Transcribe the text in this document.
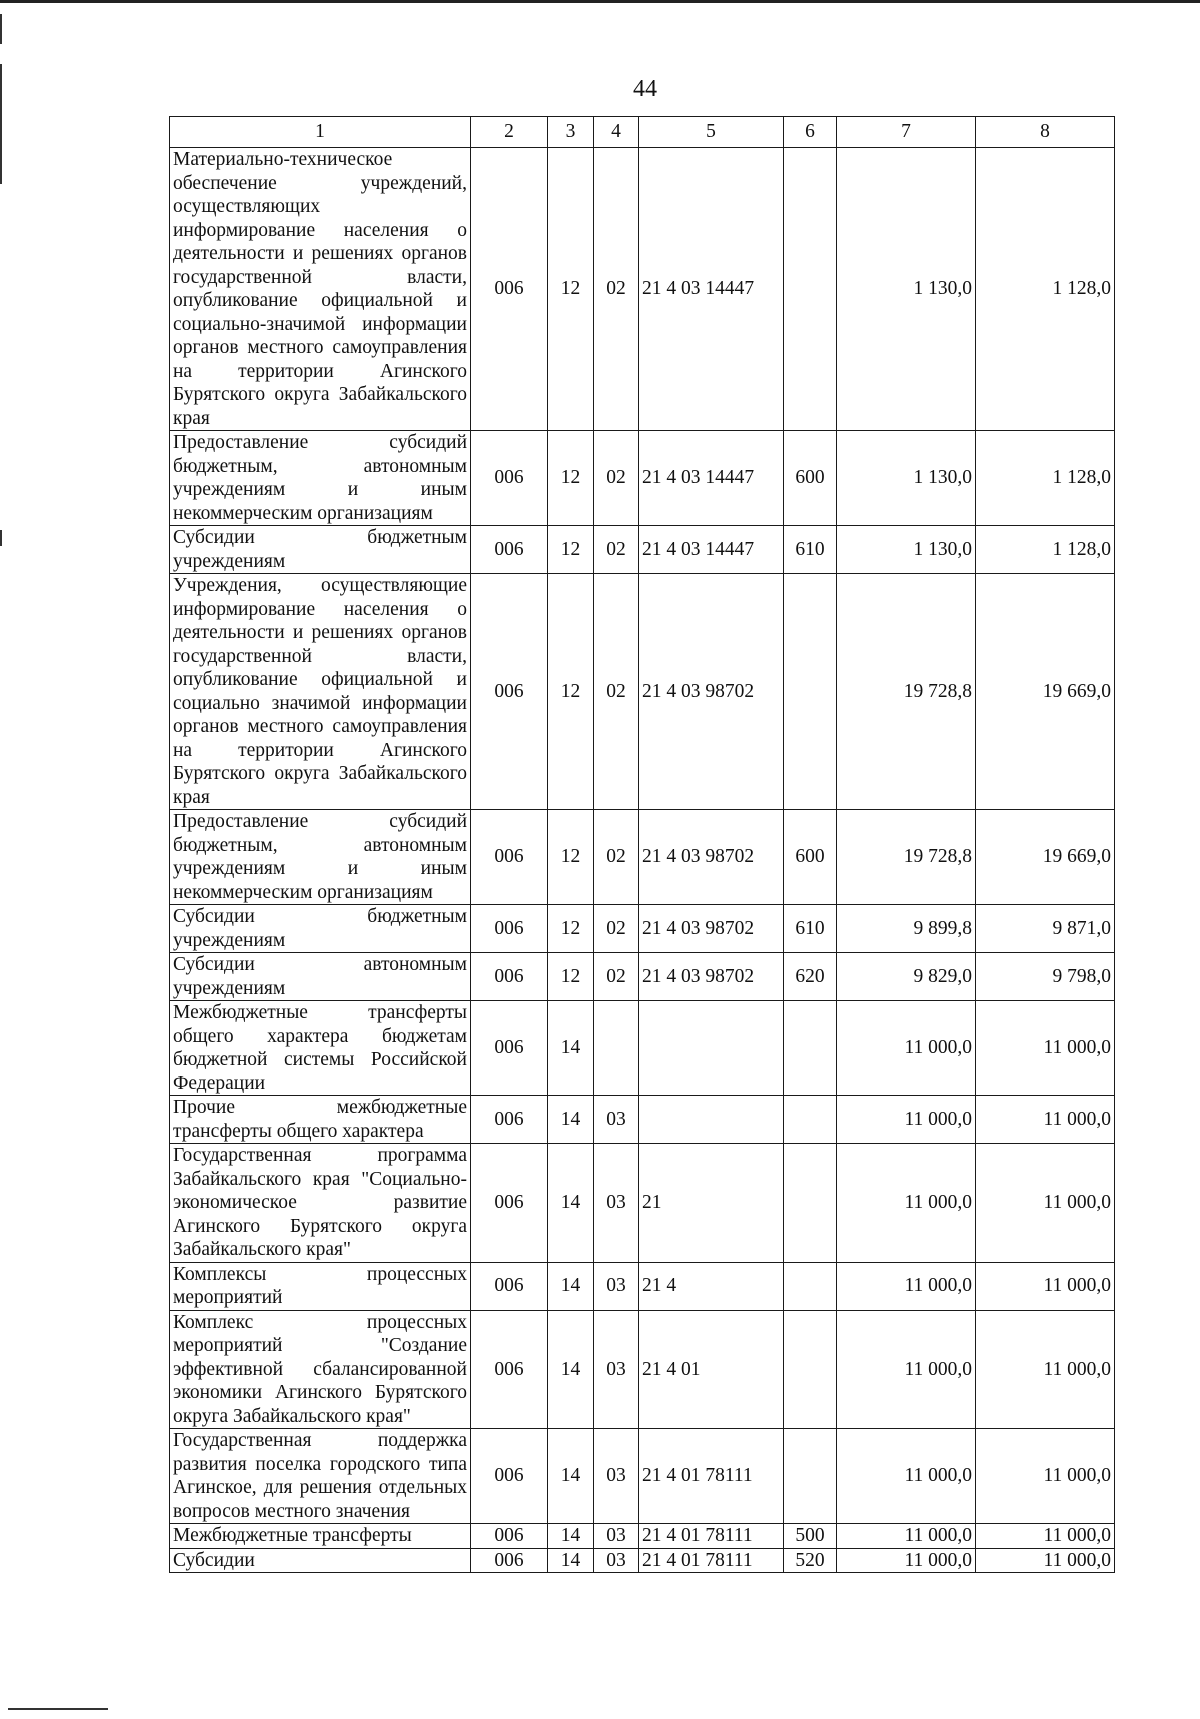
44
1	2	3	4	5	6	7	8
Материально-техническое обеспечение учреждений, осуществляющих информирование населения о деятельности и решениях органов государственной власти, опубликование официальной и социально-значимой информации органов местного самоуправления на территории Агинского Бурятского округа Забайкальского края	006	12	02	21 4 03 14447		1 130,0	1 128,0
Предоставление субсидий бюджетным, автономным учреждениям и иным некоммерческим организациям	006	12	02	21 4 03 14447	600	1 130,0	1 128,0
Субсидии бюджетным учреждениям	006	12	02	21 4 03 14447	610	1 130,0	1 128,0
Учреждения, осуществляющие информирование населения о деятельности и решениях органов государственной власти, опубликование официальной и социально значимой информации органов местного самоуправления на территории Агинского Бурятского округа Забайкальского края	006	12	02	21 4 03 98702		19 728,8	19 669,0
Предоставление субсидий бюджетным, автономным учреждениям и иным некоммерческим организациям	006	12	02	21 4 03 98702	600	19 728,8	19 669,0
Субсидии бюджетным учреждениям	006	12	02	21 4 03 98702	610	9 899,8	9 871,0
Субсидии автономным учреждениям	006	12	02	21 4 03 98702	620	9 829,0	9 798,0
Межбюджетные трансферты общего характера бюджетам бюджетной системы Российской Федерации	006	14				11 000,0	11 000,0
Прочие межбюджетные трансферты общего характера	006	14	03			11 000,0	11 000,0
Государственная программа Забайкальского края "Социально-экономическое развитие Агинского Бурятского округа Забайкальского края"	006	14	03	21		11 000,0	11 000,0
Комплексы процессных мероприятий	006	14	03	21 4		11 000,0	11 000,0
Комплекс процессных мероприятий "Создание эффективной сбалансированной экономики Агинского Бурятского округа Забайкальского края"	006	14	03	21 4 01		11 000,0	11 000,0
Государственная поддержка развития поселка городского типа Агинское, для решения отдельных вопросов местного значения	006	14	03	21 4 01 78111		11 000,0	11 000,0
Межбюджетные трансферты	006	14	03	21 4 01 78111	500	11 000,0	11 000,0
Субсидии	006	14	03	21 4 01 78111	520	11 000,0	11 000,0
